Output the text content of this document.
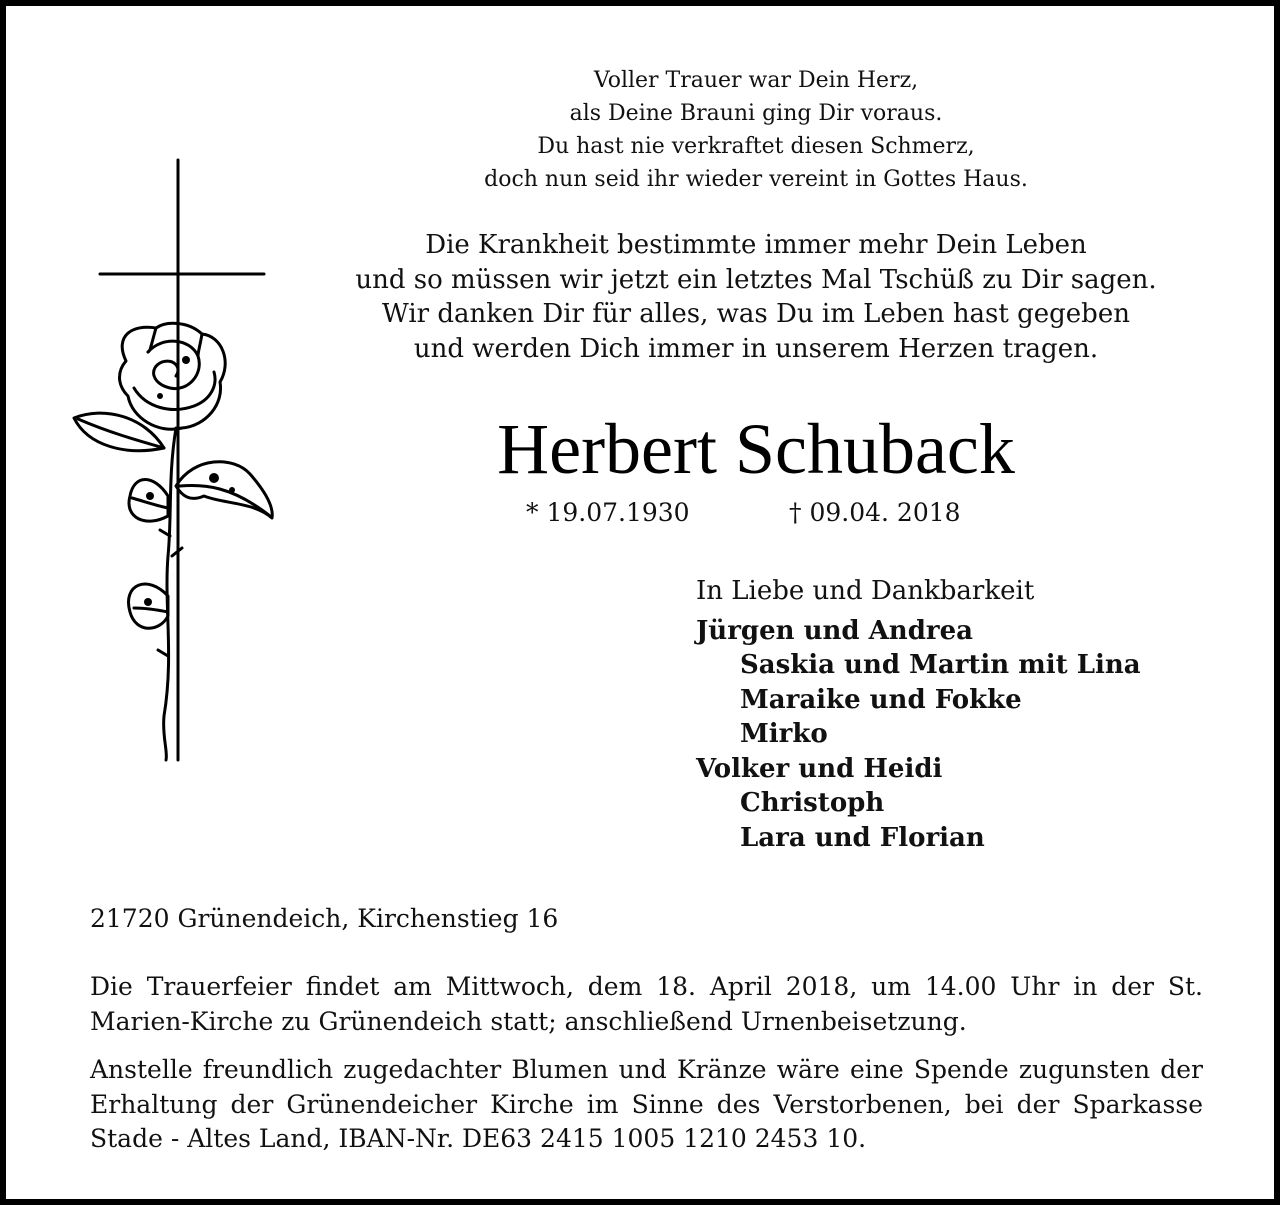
Voller Trauer war Dein Herz,
als Deine Brauni ging Dir voraus.
Du hast nie verkraftet diesen Schmerz,
doch nun seid ihr wieder vereint in Gottes Haus.
Die Krankheit bestimmte immer mehr Dein Leben
und so müssen wir jetzt ein letztes Mal Tschüß zu Dir sagen.
Wir danken Dir für alles, was Du im Leben hast gegeben
und werden Dich immer in unserem Herzen tragen.
Herbert Schuback
* 19.07.1930	† 09.04. 2018
In Liebe und Dankbarkeit
Jürgen und Andrea
Saskia und Martin mit Lina
Maraike und Fokke
Mirko
Volker und Heidi
Christoph
Lara und Florian
21720 Grünendeich, Kirchenstieg 16
Die Trauerfeier findet am Mittwoch, dem 18. April 2018, um 14.00 Uhr in der St. Marien-Kirche zu Grünendeich statt; anschließend Urnenbeisetzung.
Anstelle freundlich zugedachter Blumen und Kränze wäre eine Spende zugunsten der Erhaltung der Grünendeicher Kirche im Sinne des Verstorbenen, bei der Sparkasse Stade - Altes Land, IBAN-Nr. DE63 2415 1005 1210 2453 10.
